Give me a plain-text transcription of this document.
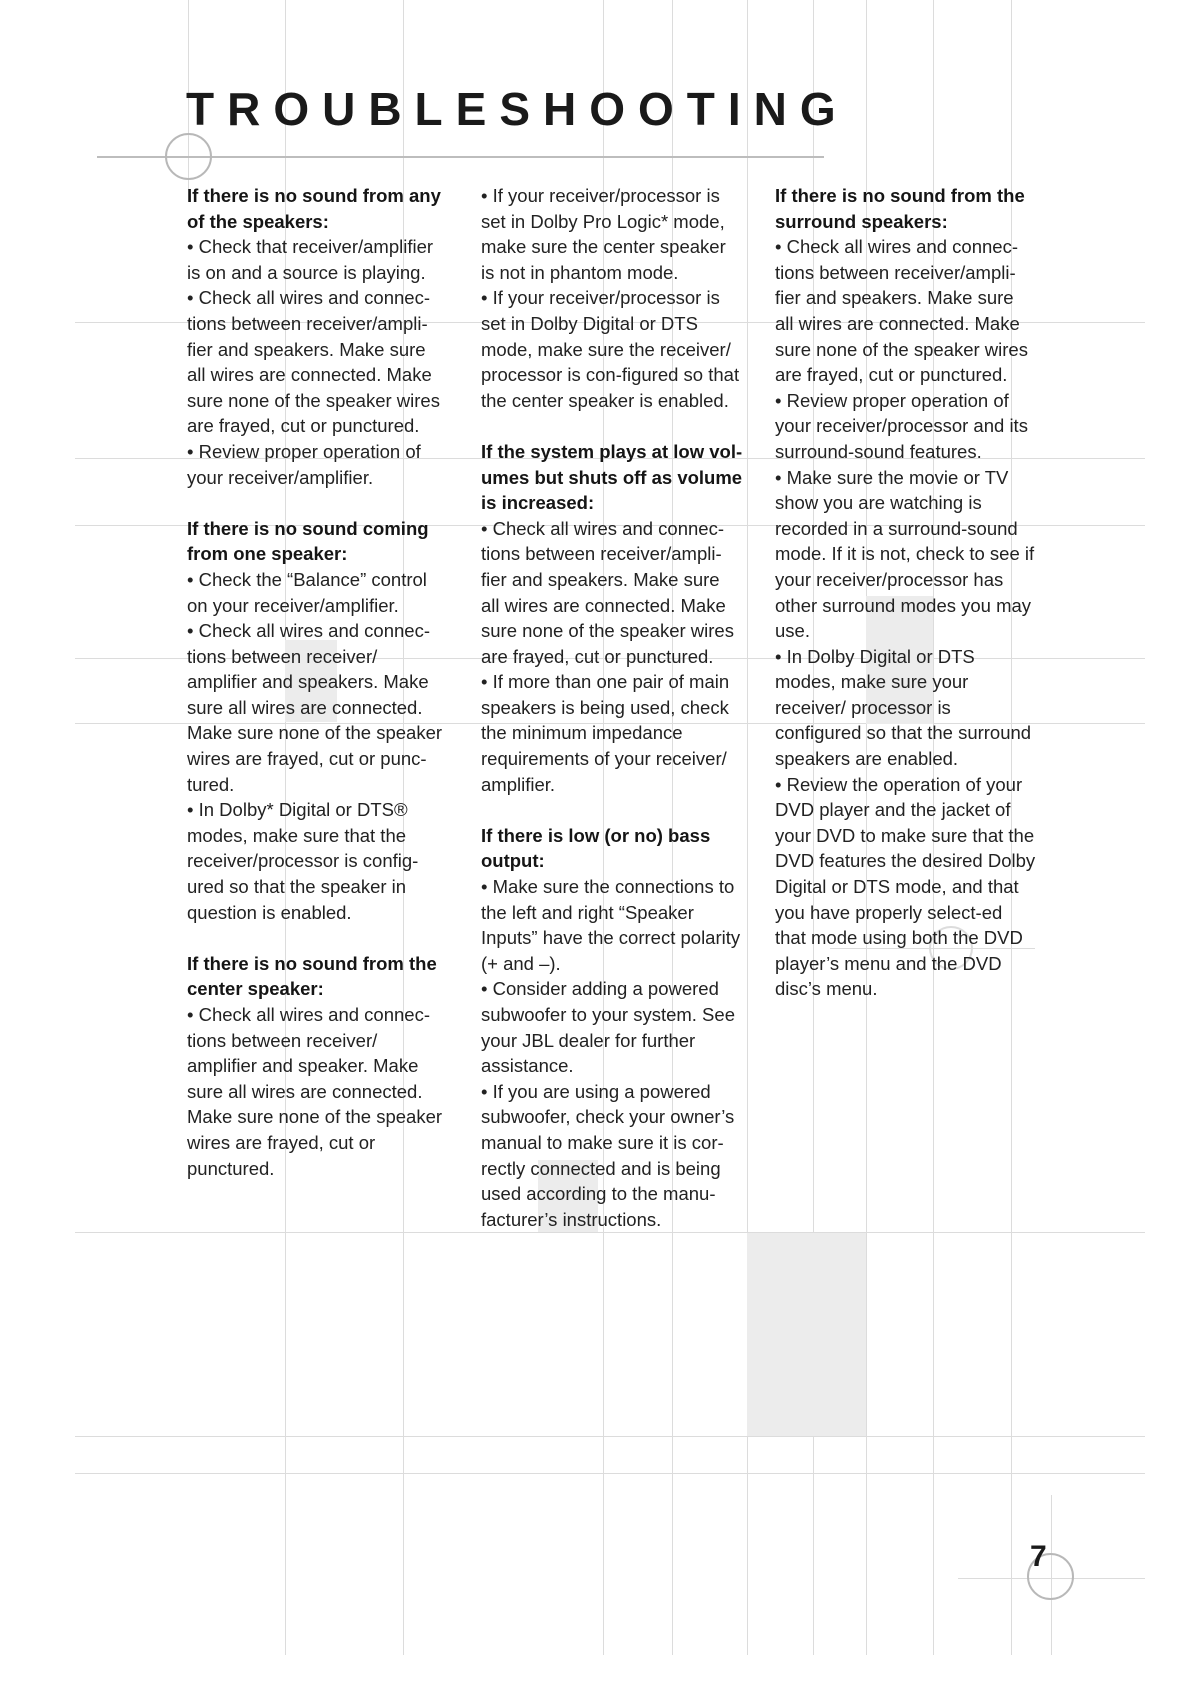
TROUBLESHOOTING

If there is no sound from any of the speakers:

• Check that receiver/amplifier is on and a source is playing.

• Check all wires and connec-tions between receiver/ampli-fier and speakers. Make sure all wires are connected. Make sure none of the speaker wires are frayed, cut or punctured.

• Review proper operation of your receiver/amplifier.

If there is no sound coming from one speaker:

• Check the “Balance” control on your receiver/amplifier.

• Check all wires and connec-tions between receiver/ amplifier and speakers. Make sure all wires are connected. Make sure none of the speaker wires are frayed, cut or punc-tured.

• In Dolby* Digital or DTS® modes, make sure that the receiver/processor is config-ured so that the speaker in question is enabled.

If there is no sound from the center speaker:

• Check all wires and connec-tions between receiver/ amplifier and speaker. Make sure all wires are connected. Make sure none of the speaker wires are frayed, cut or punctured.

• If your receiver/processor is set in Dolby Pro Logic* mode, make sure the center speaker is not in phantom mode.

• If your receiver/processor is set in Dolby Digital or DTS mode, make sure the receiver/ processor is con-figured so that the center speaker is enabled.

If the system plays at low vol-umes but shuts off as volume is increased:

• Check all wires and connec-tions between receiver/ampli-fier and speakers. Make sure all wires are connected. Make sure none of the speaker wires are frayed, cut or punctured.

• If more than one pair of main speakers is being used, check the minimum impedance requirements of your receiver/ amplifier.

If there is low (or no) bass output:

• Make sure the connections to the left and right “Speaker Inputs” have the correct polarity (+ and –).

• Consider adding a powered subwoofer to your system. See your JBL dealer for further assistance.

• If you are using a powered subwoofer, check your owner’s manual to make sure it is cor-rectly connected and is being used according to the manu-facturer’s instructions.

If there is no sound from the surround speakers:

• Check all wires and connec-tions between receiver/ampli-fier and speakers. Make sure all wires are connected. Make sure none of the speaker wires are frayed, cut or punctured.

• Review proper operation of your receiver/processor and its surround-sound features.

• Make sure the movie or TV show you are watching is recorded in a surround-sound mode. If it is not, check to see if your receiver/processor has other surround modes you may use.

• In Dolby Digital or DTS modes, make sure your receiver/ processor is configured so that the surround speakers are enabled.

• Review the operation of your DVD player and the jacket of your DVD to make sure that the DVD features the desired Dolby Digital or DTS mode, and that you have properly select-ed that mode using both the DVD player’s menu and the DVD disc’s menu.

7
